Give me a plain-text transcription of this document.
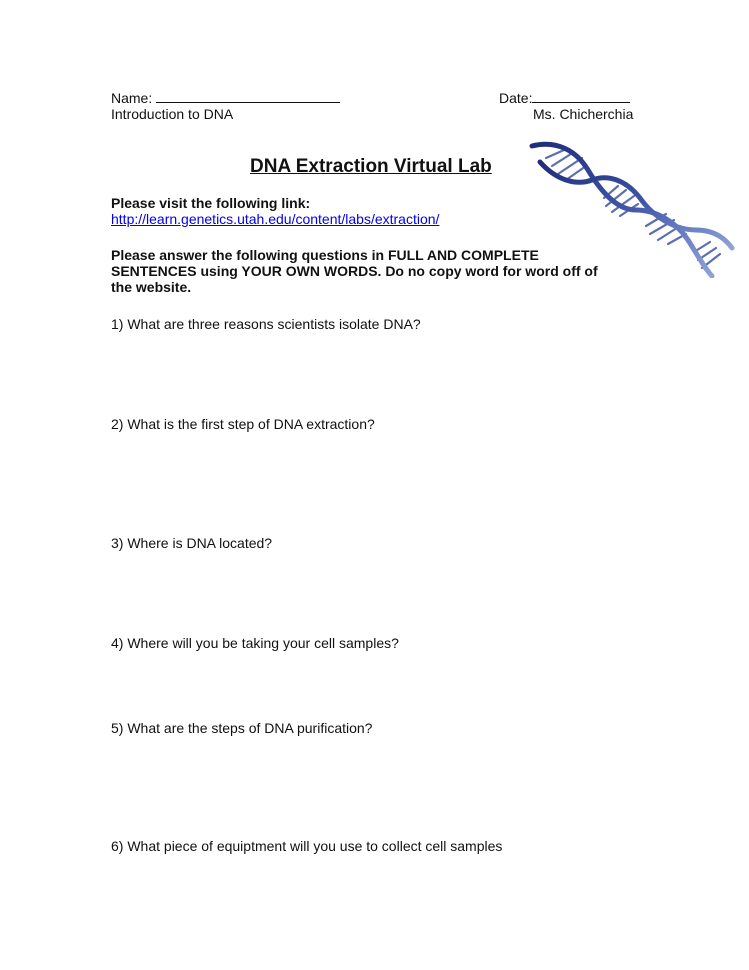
Name:	Date:
Introduction to DNA	Ms. Chicherchia
DNA Extraction Virtual Lab
Please visit the following link:
http://learn.genetics.utah.edu/content/labs/extraction/
Please answer the following questions in FULL AND COMPLETE
SENTENCES using YOUR OWN WORDS. Do no copy word for word off of
the website.
1) What are three reasons scientists isolate DNA?
2) What is the first step of DNA extraction?
3) Where is DNA located?
4) Where will you be taking your cell samples?
5) What are the steps of DNA purification?
6) What piece of equiptment will you use to collect cell samples
